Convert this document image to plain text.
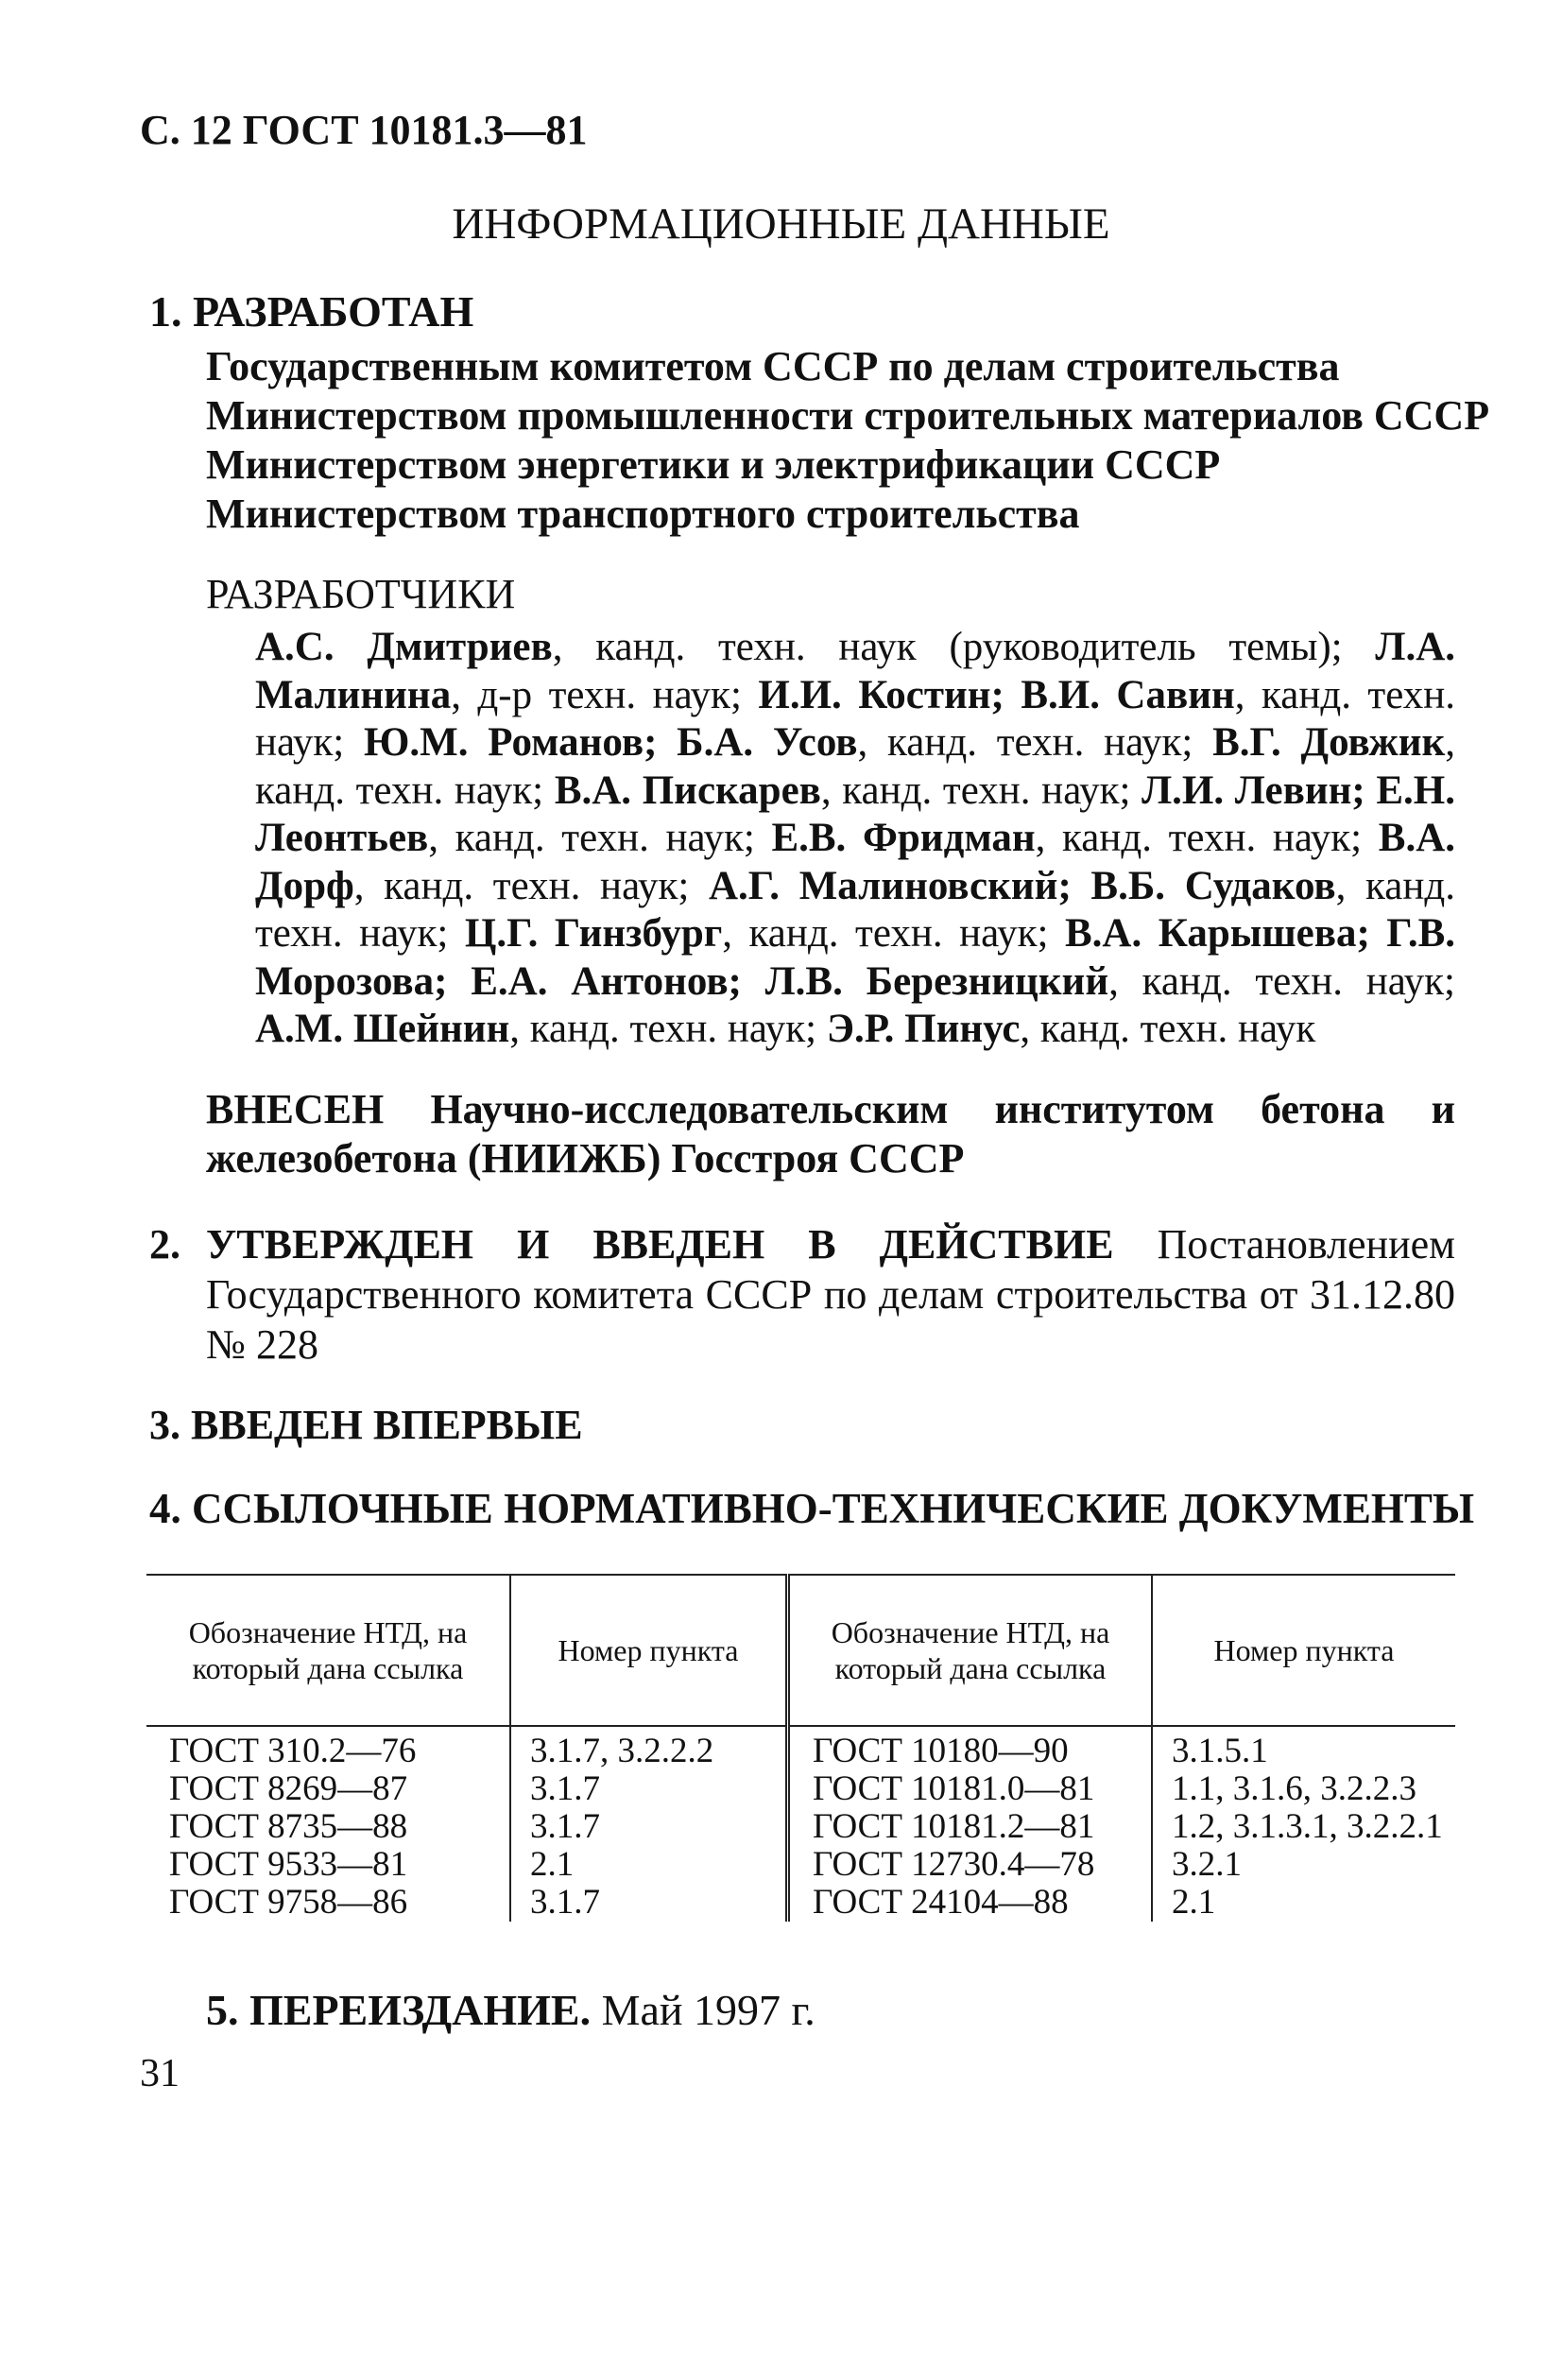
С. 12 ГОСТ 10181.3—81
ИНФОРМАЦИОННЫЕ ДАННЫЕ
1. РАЗРАБОТАН
Государственным комитетом СССР по делам строительства
Министерством промышленности строительных материалов СССР
Министерством энергетики и электрификации СССР
Министерством транспортного строительства
РАЗРАБОТЧИКИ
А.С. Дмитриев, канд. техн. наук (руководитель темы); Л.А. Малинина, д-р техн. наук; И.И. Костин; В.И. Савин, канд. техн. наук; Ю.М. Романов; Б.А. Усов, канд. техн. наук; В.Г. Довжик, канд. техн. наук; В.А. Пискарев, канд. техн. наук; Л.И. Левин; Е.Н. Леонтьев, канд. техн. наук; Е.В. Фридман, канд. техн. наук; В.А. Дорф, канд. техн. наук; А.Г. Малиновский; В.Б. Судаков, канд. техн. наук; Ц.Г. Гинзбург, канд. техн. наук; В.А. Карышева; Г.В. Морозова; Е.А. Антонов; Л.В. Березницкий, канд. техн. наук; А.М. Шейнин, канд. техн. наук; Э.Р. Пинус, канд. техн. наук
ВНЕСЕН Научно-исследовательским институтом бетона и железобетона (НИИЖБ) Госстроя СССР
2. УТВЕРЖДЕН И ВВЕДЕН В ДЕЙСТВИЕ Постановлением Государственного комитета СССР по делам строительства от 31.12.80 № 228
3. ВВЕДЕН ВПЕРВЫЕ
4. ССЫЛОЧНЫЕ НОРМАТИВНО-ТЕХНИЧЕСКИЕ ДОКУМЕНТЫ
Обозначение НТД, на который дана ссылка	Номер пункта	Обозначение НТД, на который дана ссылка	Номер пункта
ГОСТ 310.2—76	3.1.7, 3.2.2.2	ГОСТ 10180—90	3.1.5.1
ГОСТ 8269—87	3.1.7	ГОСТ 10181.0—81	1.1, 3.1.6, 3.2.2.3
ГОСТ 8735—88	3.1.7	ГОСТ 10181.2—81	1.2, 3.1.3.1, 3.2.2.1
ГОСТ 9533—81	2.1	ГОСТ 12730.4—78	3.2.1
ГОСТ 9758—86	3.1.7	ГОСТ 24104—88	2.1
5. ПЕРЕИЗДАНИЕ. Май 1997 г.
31
